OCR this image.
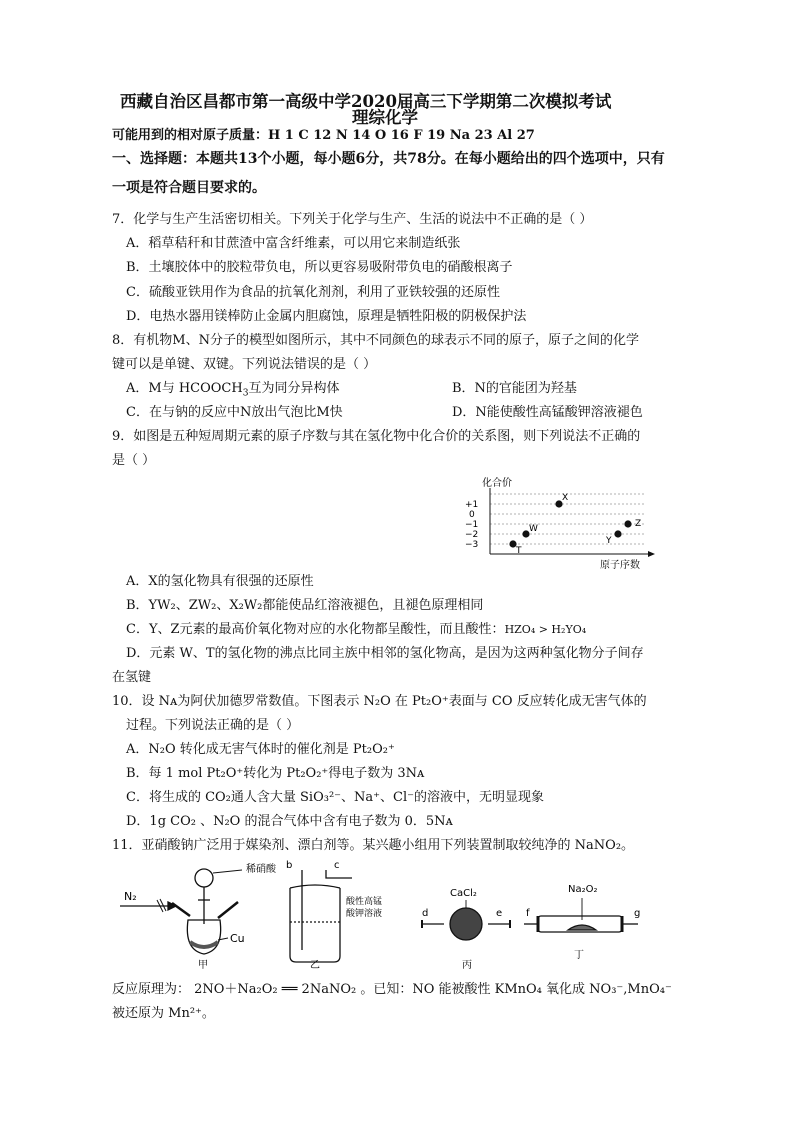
西藏自治区昌都市第一高级中学2020届高三下学期第二次模拟考试
理综化学
可能用到的相对原子质量：H 1 C 12 N 14 O 16 F 19 Na 23 Al 27
一、选择题：本题共13个小题，每小题6分，共78分。在每小题给出的四个选项中，只有
一项是符合题目要求的。
7．化学与生产生活密切相关。下列关于化学与生产、生活的说法中不正确的是（ ）
A．稻草秸秆和甘蔗渣中富含纤维素，可以用它来制造纸张
B．土壤胶体中的胶粒带负电，所以更容易吸附带负电的硝酸根离子
C．硫酸亚铁用作为食品的抗氧化剂剂，利用了亚铁较强的还原性
D．电热水器用镁棒防止金属内胆腐蚀，原理是牺牲阳极的阴极保护法
8．有机物M、N分子的模型如图所示，其中不同颜色的球表示不同的原子，原子之间的化学
键可以是单键、双键。下列说法错误的是（ ）
A．M与 $HCOOCH_3$互为同分异构体	B．N的官能团为羟基
C．在与钠的反应中N放出气泡比M快	D．N能使酸性高锰酸钾溶液褪色
9．如图是五种短周期元素的原子序数与其在氢化物中化合价的关系图，则下列说法不正确的
是（ ）
化合价
原子序数
+1
0
−1
−2
−3
X
T
W
Y
Z
A．X的氢化物具有很强的还原性
B．YW₂、ZW₂、X₂W₂都能使品红溶液褪色，且褪色原理相同
C．Y、Z元素的最高价氧化物对应的水化物都呈酸性，而且酸性：HZO₄ > H₂YO₄
D．元素 W、T的氢化物的沸点比同主族中相邻的氢化物高，是因为这两种氢化物分子间存
在氢键
10．设 Nᴀ为阿伏加德罗常数值。下图表示 N₂O 在 Pt₂O⁺表面与 CO 反应转化成无害气体的
过程。下列说法正确的是（ ）
A．N₂O 转化成无害气体时的催化剂是 Pt₂O₂⁺
B．每 1 mol Pt₂O⁺转化为 Pt₂O₂⁺得电子数为 3Nᴀ
C．将生成的 CO₂通人含大量 SiO₃²⁻、Na⁺、Cl⁻的溶液中，无明显现象
D．1g CO₂ 、N₂O 的混合气体中含有电子数为 0．5Nᴀ
11．亚硝酸钠广泛用于媒染剂、漂白剂等。某兴趣小组用下列装置制取较纯净的 NaNO₂。
稀硝酸
N₂
Cu
甲
b	c
酸性高锰
酸钾溶液
乙
CaCl₂
d	e
丙
Na₂O₂
f	g
丁
反应原理为： 2NO＋Na₂O₂ ══ 2NaNO₂ 。已知：NO 能被酸性 KMnO₄ 氧化成 NO₃⁻,MnO₄⁻
被还原为 Mn²⁺。
